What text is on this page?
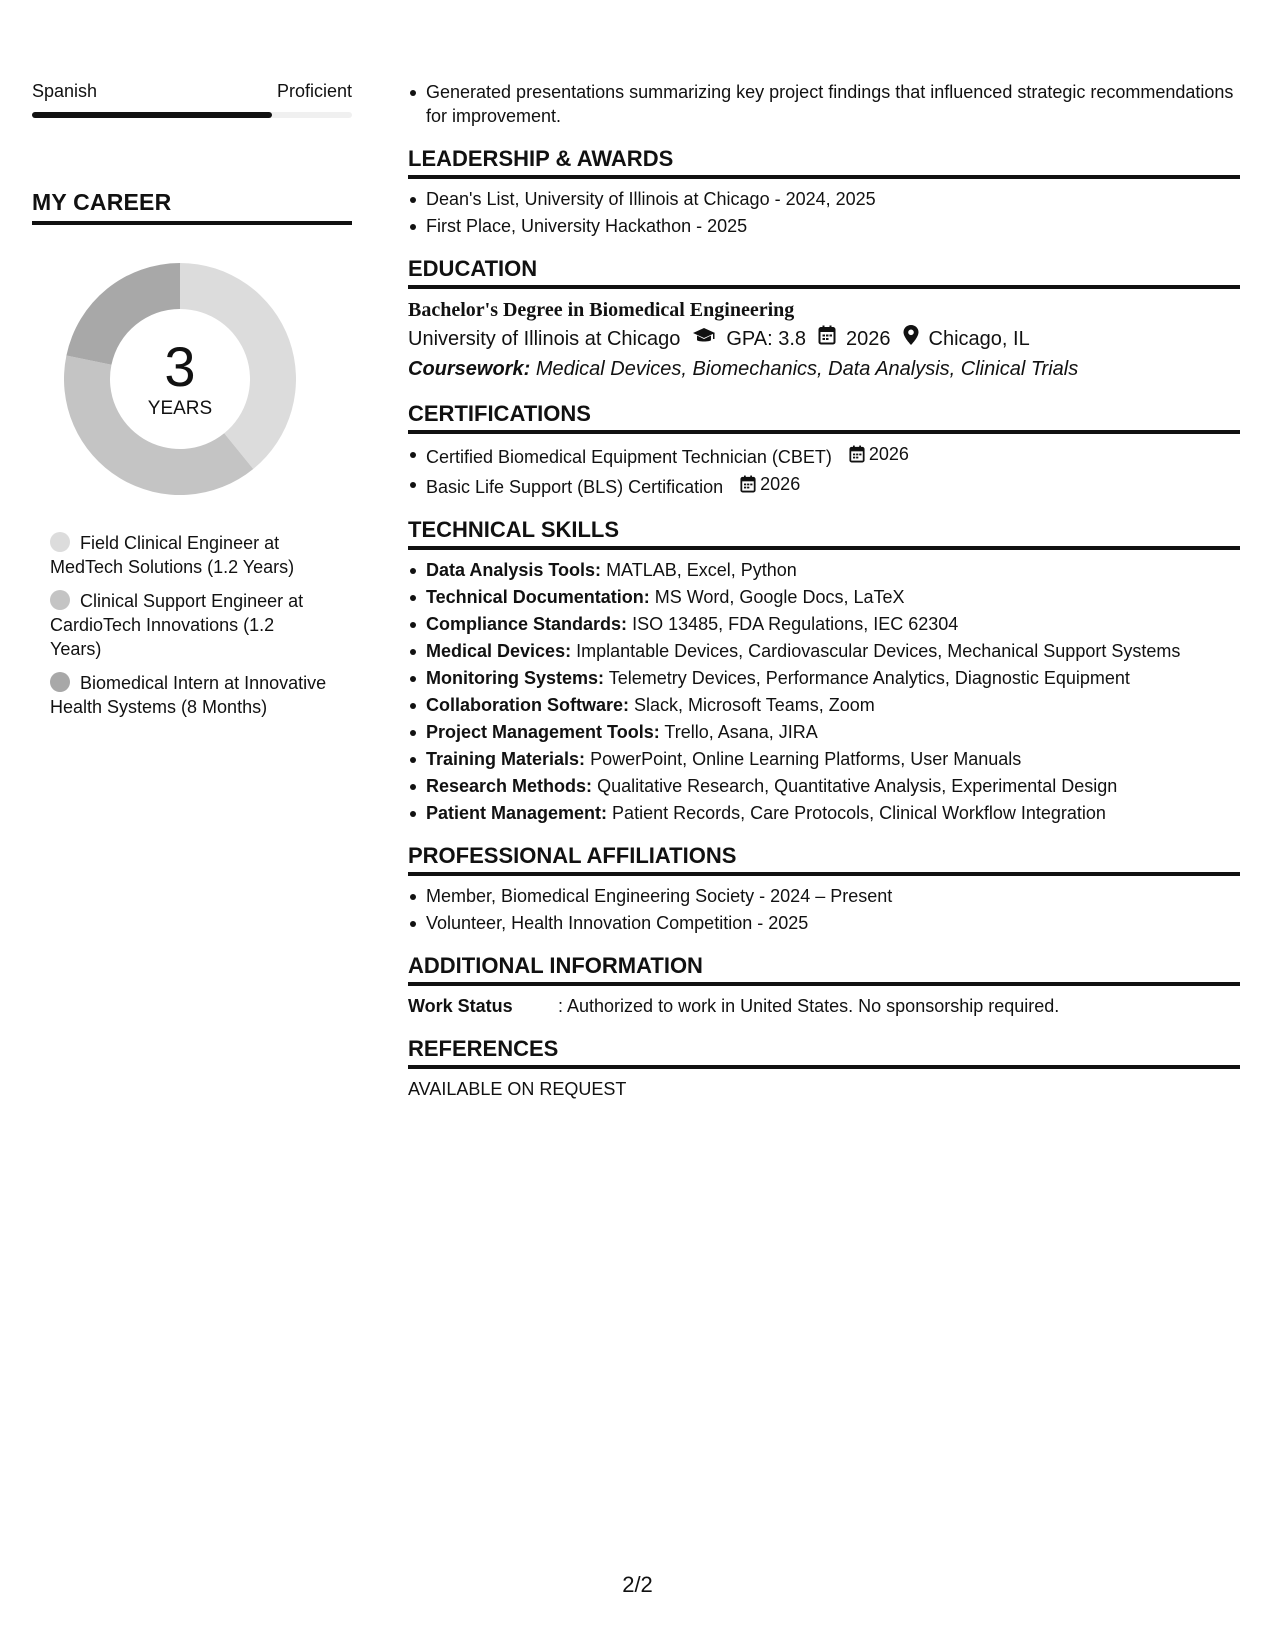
Spanish	Proficient
MY CAREER
3
YEARS
Field Clinical Engineer at MedTech Solutions (1.2 Years)
Clinical Support Engineer at CardioTech Innovations (1.2 Years)
Biomedical Intern at Innovative Health Systems (8 Months)
Generated presentations summarizing key project findings that influenced strategic recommendations for improvement.
LEADERSHIP & AWARDS
Dean's List, University of Illinois at Chicago - 2024, 2025
First Place, University Hackathon - 2025
EDUCATION
Bachelor's Degree in Biomedical Engineering
University of Illinois at Chicago GPA: 3.8 2026 Chicago, IL
Coursework: Medical Devices, Biomechanics, Data Analysis, Clinical Trials
CERTIFICATIONS
Certified Biomedical Equipment Technician (CBET) 2026
Basic Life Support (BLS) Certification 2026
TECHNICAL SKILLS
Data Analysis Tools: MATLAB, Excel, Python
Technical Documentation: MS Word, Google Docs, LaTeX
Compliance Standards: ISO 13485, FDA Regulations, IEC 62304
Medical Devices: Implantable Devices, Cardiovascular Devices, Mechanical Support Systems
Monitoring Systems: Telemetry Devices, Performance Analytics, Diagnostic Equipment
Collaboration Software: Slack, Microsoft Teams, Zoom
Project Management Tools: Trello, Asana, JIRA
Training Materials: PowerPoint, Online Learning Platforms, User Manuals
Research Methods: Qualitative Research, Quantitative Analysis, Experimental Design
Patient Management: Patient Records, Care Protocols, Clinical Workflow Integration
PROFESSIONAL AFFILIATIONS
Member, Biomedical Engineering Society - 2024 – Present
Volunteer, Health Innovation Competition - 2025
ADDITIONAL INFORMATION
Work Status	: Authorized to work in United States. No sponsorship required.
REFERENCES
AVAILABLE ON REQUEST
2/2
